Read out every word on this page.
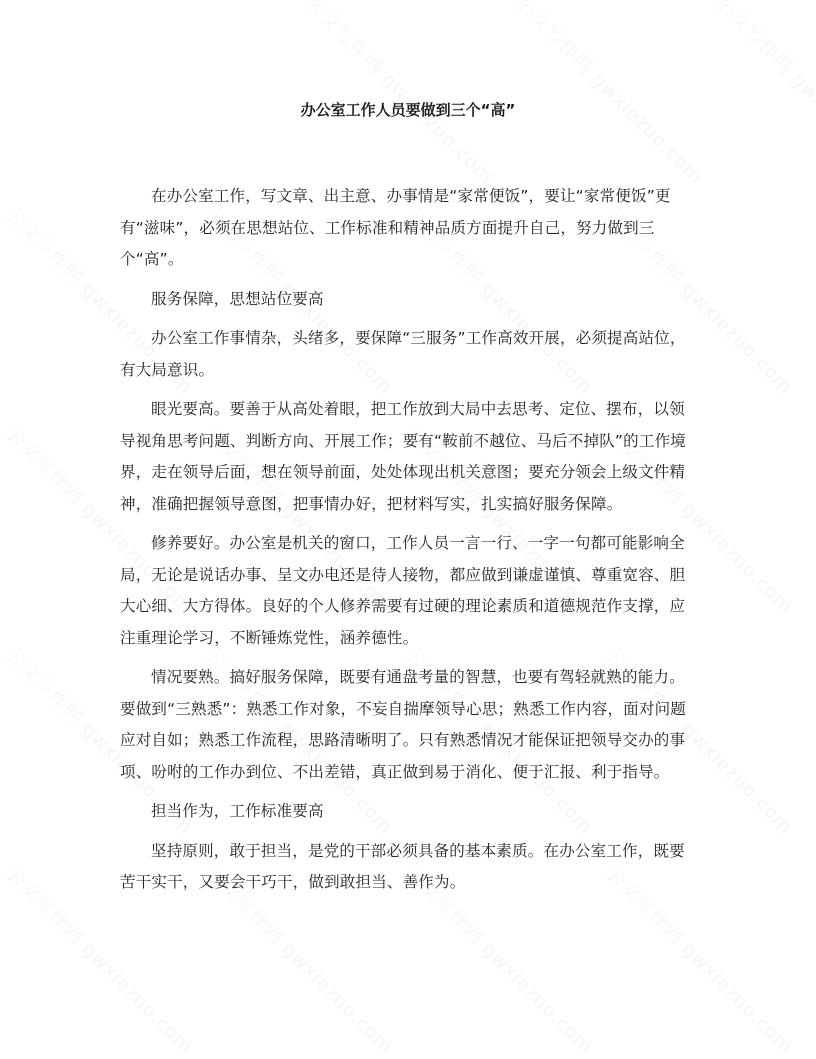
办公室工作人员要做到三个“高”

在办公室工作，写文章、出主意、办事情是“家常便饭”，要让“家常便饭”更有“滋味”，必须在思想站位、工作标准和精神品质方面提升自己，努力做到三个“高”。

服务保障，思想站位要高

办公室工作事情杂，头绪多，要保障“三服务”工作高效开展，必须提高站位，有大局意识。

眼光要高。要善于从高处着眼，把工作放到大局中去思考、定位、摆布，以领导视角思考问题、判断方向、开展工作；要有“鞍前不越位、马后不掉队”的工作境界，走在领导后面，想在领导前面，处处体现出机关意图；要充分领会上级文件精神，准确把握领导意图，把事情办好，把材料写实，扎实搞好服务保障。

修养要好。办公室是机关的窗口，工作人员一言一行、一字一句都可能影响全局，无论是说话办事、呈文办电还是待人接物，都应做到谦虚谨慎、尊重宽容、胆大心细、大方得体。良好的个人修养需要有过硬的理论素质和道德规范作支撑，应注重理论学习，不断锤炼党性，涵养德性。

情况要熟。搞好服务保障，既要有通盘考量的智慧，也要有驾轻就熟的能力。要做到“三熟悉”：熟悉工作对象，不妄自揣摩领导心思；熟悉工作内容，面对问题应对自如；熟悉工作流程，思路清晰明了。只有熟悉情况才能保证把领导交办的事项、吩咐的工作办到位、不出差错，真正做到易于消化、便于汇报、利于指导。

担当作为，工作标准要高

坚持原则，敢于担当，是党的干部必须具备的基本素质。在办公室工作，既要苦干实干，又要会干巧干，做到敢担当、善作为。
